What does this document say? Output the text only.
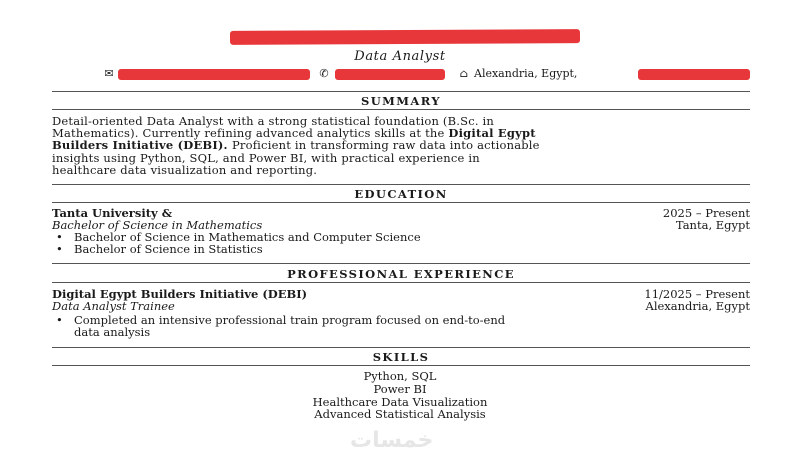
Data Analyst
✉	✆	⌂ Alexandria, Egypt,
SUMMARY
Detail-oriented Data Analyst with a strong statistical foundation (B.Sc. in
Mathematics). Currently refining advanced analytics skills at the Digital Egypt
Builders Initiative (DEBI). Proficient in transforming raw data into actionable
insights using Python, SQL, and Power BI, with practical experience in
healthcare data visualization and reporting.
EDUCATION
Tanta University &	2025 – Present
Bachelor of Science in Mathematics	Tanta, Egypt
• Bachelor of Science in Mathematics and Computer Science
• Bachelor of Science in Statistics
PROFESSIONAL EXPERIENCE
Digital Egypt Builders Initiative (DEBI)	11/2025 – Present
Data Analyst Trainee	Alexandria, Egypt
• Completed an intensive professional train program focused on end-to-end
data analysis
SKILLS
Python, SQL
Power BI
Healthcare Data Visualization
Advanced Statistical Analysis
خمسات
